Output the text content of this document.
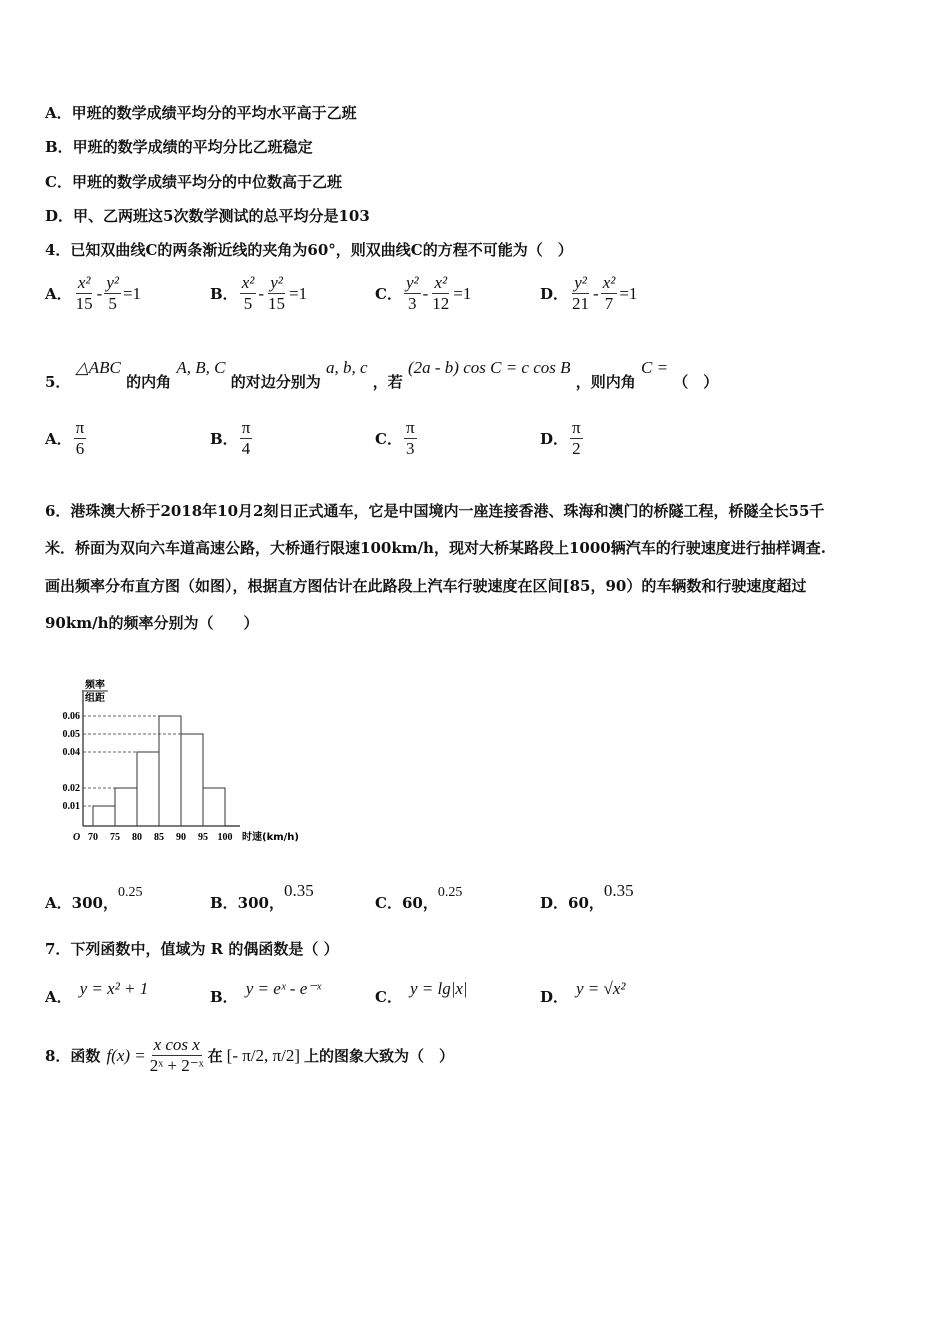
A．甲班的数学成绩平均分的平均水平高于乙班
B．甲班的数学成绩的平均分比乙班稳定
C．甲班的数学成绩平均分的中位数高于乙班
D．甲、乙两班这5次数学测试的总平均分是103
4．已知双曲线C的两条渐近线的夹角为60°，则双曲线C的方程不可能为（　）
5． △ABC 的内角 A, B, C 的对边分别为 a, b, c ，若 (2a - b) cos C = c cos B ，则内角 C = （　）
6．港珠澳大桥于2018年10月2刻日正式通车，它是中国境内一座连接香港、珠海和澳门的桥隧工程，桥隧全长55千
米．桥面为双向六车道高速公路，大桥通行限速100km/h，现对大桥某路段上1000辆汽车的行驶速度进行抽样调查.
画出频率分布直方图（如图），根据直方图估计在此路段上汽车行驶速度在区间[85，90）的车辆数和行驶速度超过
90km/h的频率分别为（　　）
0.01
0.02
0.04
0.05
0.06
70 75 80 85 90 95 100
O	时速(km/h)
频率
组距
7．下列函数中，值域为 R 的偶函数是（ ）
8．函数 $f(x) = \frac{\text{x cos x}}{\text{2ˣ + 2⁻ˣ}}$ 在 [- π/2, π/2] 上的图象大致为（　）
A． $\frac{\text{x²}}{15} - \frac{\text{y²}}{5} =1$	B． $\frac{\text{x²}}{5} - \frac{\text{y²}}{15} =1$	C． $\frac{\text{y²}}{3} - \frac{\text{x²}}{12} =1$	D． $\frac{\text{y²}}{21} - \frac{\text{x²}}{7} =1$
A． $\frac{\pi}{6}$	B． $\frac{\pi}{4}$	C． $\frac{\pi}{3}$	D． $\frac{\pi}{2}$
A．300，0.25
B．300，0.35
C．60，0.25
D．60，0.35
A． y = x² + 1	B． y = eˣ - e⁻ˣ	C． y = lg|x|	D． y = √x²
